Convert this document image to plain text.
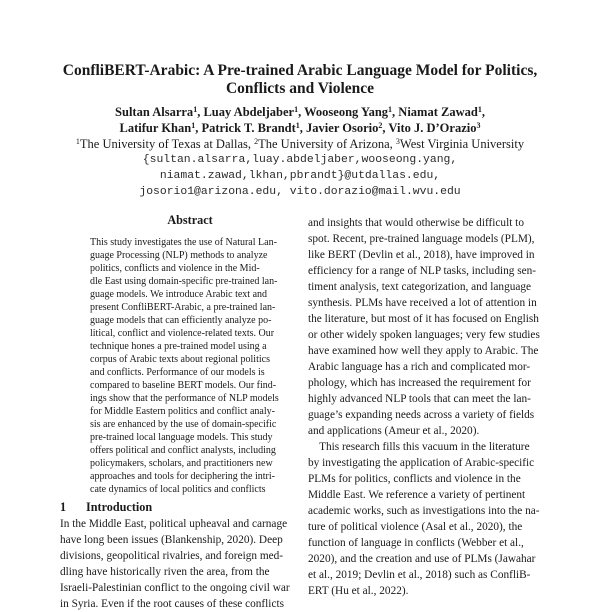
ConfliBERT-Arabic: A Pre-trained Arabic Language Model for Politics,
Conflicts and Violence
Sultan Alsarra$^1$, Luay Abdeljaber$^1$, Wooseong Yang$^1$, Niamat Zawad$^1$,
Latifur Khan$^1$, Patrick T. Brandt$^1$, Javier Osorio$^2$, Vito J. D’Orazio$^3$
$^1$The University of Texas at Dallas, $^2$The University of Arizona, $^3$West Virginia University
{sultan.alsarra,luay.abdeljaber,wooseong.yang,
niamat.zawad,lkhan,pbrandt}@utdallas.edu,
josorio1@arizona.edu, vito.dorazio@mail.wvu.edu
Abstract
This study investigates the use of Natural Lan-
guage Processing (NLP) methods to analyze
politics, conflicts and violence in the Mid-
dle East using domain-specific pre-trained lan-
guage models. We introduce Arabic text and
present ConfliBERT-Arabic, a pre-trained lan-
guage models that can efficiently analyze po-
litical, conflict and violence-related texts. Our
technique hones a pre-trained model using a
corpus of Arabic texts about regional politics
and conflicts. Performance of our models is
compared to baseline BERT models. Our find-
ings show that the performance of NLP models
for Middle Eastern politics and conflict analy-
sis are enhanced by the use of domain-specific
pre-trained local language models. This study
offers political and conflict analysts, including
policymakers, scholars, and practitioners new
approaches and tools for deciphering the intri-
cate dynamics of local politics and conflicts
1 Introduction
In the Middle East, political upheaval and carnage
have long been issues (Blankenship, 2020). Deep
divisions, geopolitical rivalries, and foreign med-
dling have historically riven the area, from the
Israeli-Palestinian conflict to the ongoing civil war
in Syria. Even if the root causes of these conflicts
and insights that would otherwise be difficult to
spot. Recent, pre-trained language models (PLM),
like BERT (Devlin et al., 2018), have improved in
efficiency for a range of NLP tasks, including sen-
timent analysis, text categorization, and language
synthesis. PLMs have received a lot of attention in
the literature, but most of it has focused on English
or other widely spoken languages; very few studies
have examined how well they apply to Arabic. The
Arabic language has a rich and complicated mor-
phology, which has increased the requirement for
highly advanced NLP tools that can meet the lan-
guage’s expanding needs across a variety of fields
and applications (Ameur et al., 2020).
This research fills this vacuum in the literature
by investigating the application of Arabic-specific
PLMs for politics, conflicts and violence in the
Middle East. We reference a variety of pertinent
academic works, such as investigations into the na-
ture of political violence (Asal et al., 2020), the
function of language in conflicts (Webber et al.,
2020), and the creation and use of PLMs (Jawahar
et al., 2019; Devlin et al., 2018) such as ConfliB-
ERT (Hu et al., 2022).
